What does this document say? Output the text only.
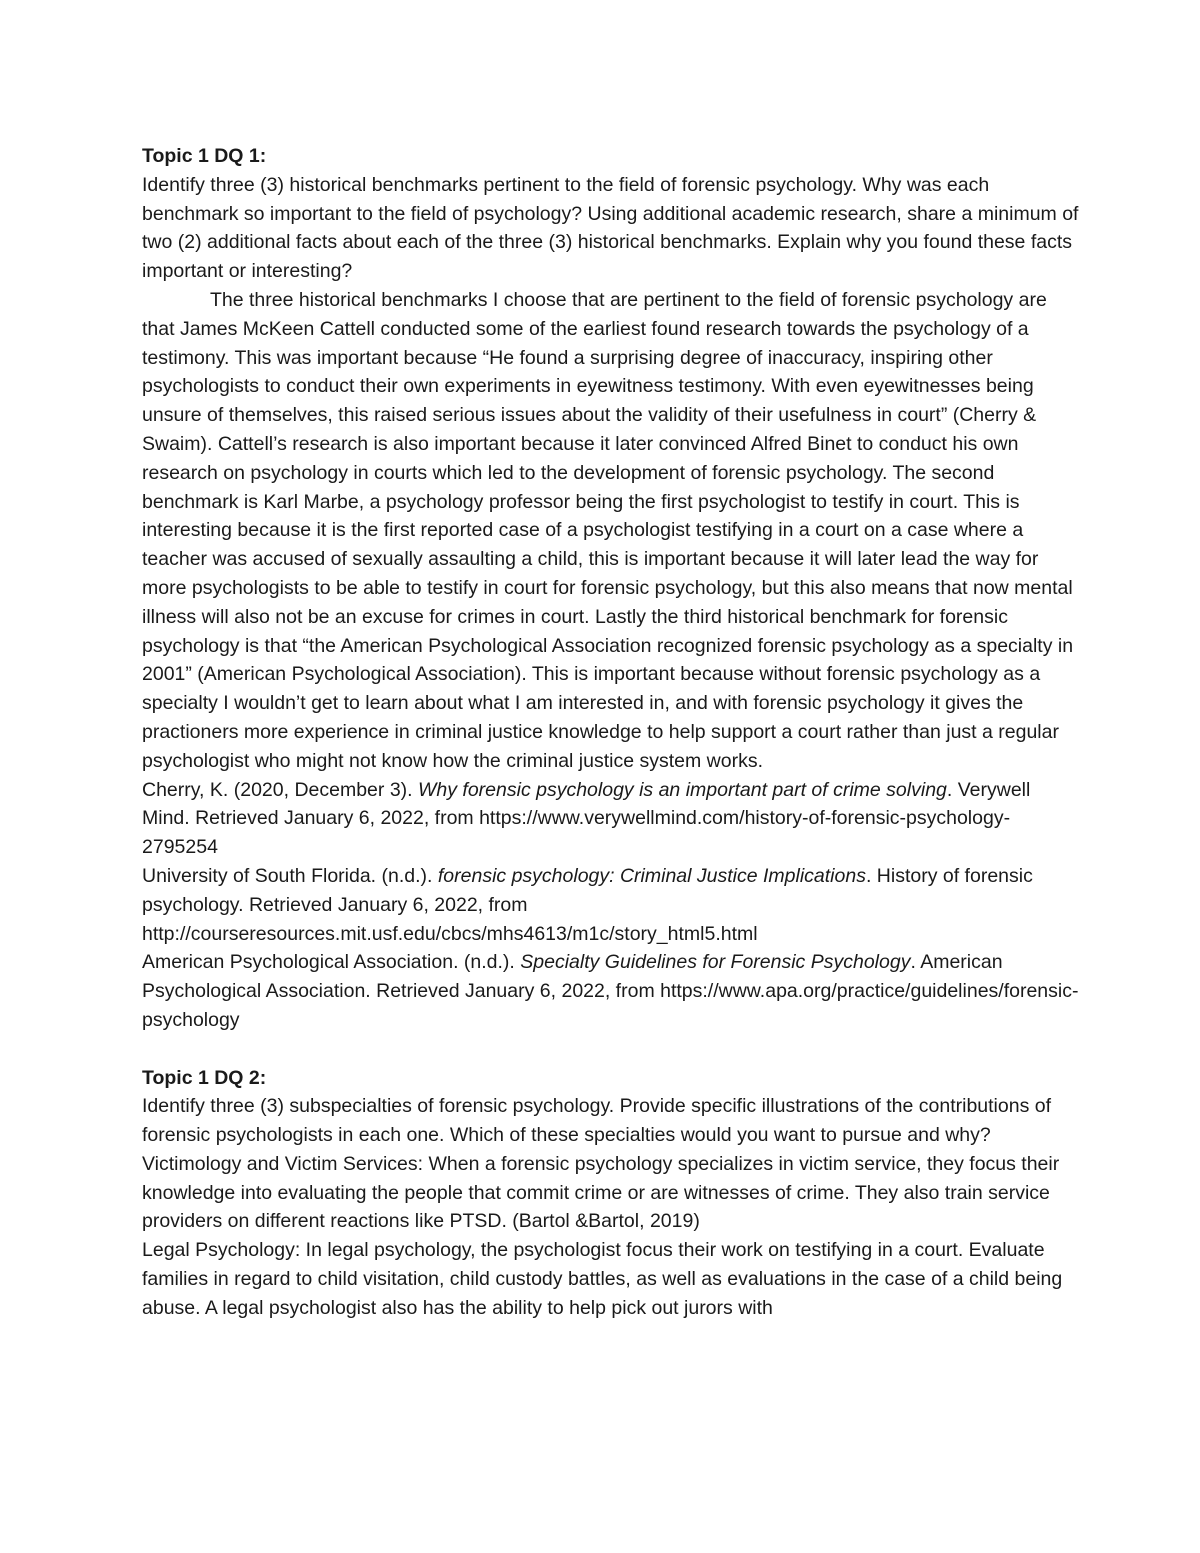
Topic 1 DQ 1:

Identify three (3) historical benchmarks pertinent to the field of forensic psychology. Why was each benchmark so important to the field of psychology? Using additional academic research, share a minimum of two (2) additional facts about each of the three (3) historical benchmarks. Explain why you found these facts important or interesting?

The three historical benchmarks I choose that are pertinent to the field of forensic psychology are that James McKeen Cattell conducted some of the earliest found research towards the psychology of a testimony. This was important because “He found a surprising degree of inaccuracy, inspiring other psychologists to conduct their own experiments in eyewitness testimony. With even eyewitnesses being unsure of themselves, this raised serious issues about the validity of their usefulness in court” (Cherry & Swaim). Cattell’s research is also important because it later convinced Alfred Binet to conduct his own research on psychology in courts which led to the development of forensic psychology. The second benchmark is Karl Marbe, a psychology professor being the first psychologist to testify in court. This is interesting because it is the first reported case of a psychologist testifying in a court on a case where a teacher was accused of sexually assaulting a child, this is important because it will later lead the way for more psychologists to be able to testify in court for forensic psychology, but this also means that now mental illness will also not be an excuse for crimes in court. Lastly the third historical benchmark for forensic psychology is that “the American Psychological Association recognized forensic psychology as a specialty in 2001” (American Psychological Association). This is important because without forensic psychology as a specialty I wouldn’t get to learn about what I am interested in, and with forensic psychology it gives the practioners more experience in criminal justice knowledge to help support a court rather than just a regular psychologist who might not know how the criminal justice system works.

Cherry, K. (2020, December 3). Why forensic psychology is an important part of crime solving. Verywell Mind. Retrieved January 6, 2022, from https://www.verywellmind.com/history-of-forensic-psychology-2795254

University of South Florida. (n.d.). forensic psychology: Criminal Justice Implications. History of forensic psychology. Retrieved January 6, 2022, from http://courseresources.mit.usf.edu/cbcs/mhs4613/m1c/story_html5.html

American Psychological Association. (n.d.). Specialty Guidelines for Forensic Psychology. American Psychological Association. Retrieved January 6, 2022, from https://www.apa.org/practice/guidelines/forensic-psychology

Topic 1 DQ 2:

Identify three (3) subspecialties of forensic psychology. Provide specific illustrations of the contributions of forensic psychologists in each one. Which of these specialties would you want to pursue and why?

Victimology and Victim Services: When a forensic psychology specializes in victim service, they focus their knowledge into evaluating the people that commit crime or are witnesses of crime. They also train service providers on different reactions like PTSD. (Bartol &Bartol, 2019)

Legal Psychology: In legal psychology, the psychologist focus their work on testifying in a court. Evaluate families in regard to child visitation, child custody battles, as well as evaluations in the case of a child being abuse. A legal psychologist also has the ability to help pick out jurors with
